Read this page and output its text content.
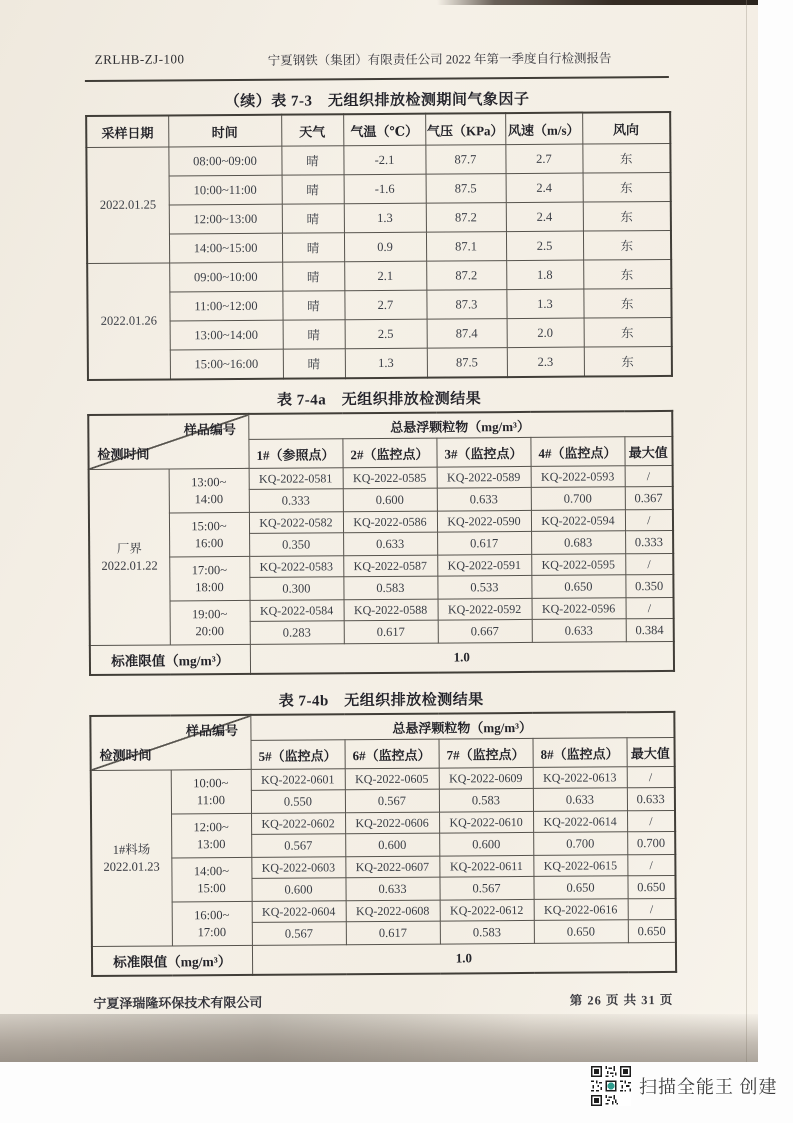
ZRLHB-ZJ-100	宁夏钢铁（集团）有限责任公司 2022 年第一季度自行检测报告
（续）表 7-3　无组织排放检测期间气象因子
采样日期	时间	天气	气温（℃）	气压（KPa）	风速（m/s）	风向
2022.01.25	08:00~09:00	晴	-2.1	87.7	2.7	东
	10:00~11:00	晴	-1.6	87.5	2.4	东
	12:00~13:00	晴	1.3	87.2	2.4	东
	14:00~15:00	晴	0.9	87.1	2.5	东
2022.01.26	09:00~10:00	晴	2.1	87.2	1.8	东
	11:00~12:00	晴	2.7	87.3	1.3	东
	13:00~14:00	晴	2.5	87.4	2.0	东
	15:00~16:00	晴	1.3	87.5	2.3	东
表 7-4a　无组织排放检测结果
样品编号
检测时间		总悬浮颗粒物（mg/m³）				
		1#（参照点）	2#（监控点）	3#（监控点）	4#（监控点）	最大值
厂界
2022.01.22	13:00~
14:00	KQ-2022-0581	KQ-2022-0585	KQ-2022-0589	KQ-2022-0593	/
		0.333	0.600	0.633	0.700	0.367
	15:00~
16:00	KQ-2022-0582	KQ-2022-0586	KQ-2022-0590	KQ-2022-0594	/
		0.350	0.633	0.617	0.683	0.333
	17:00~
18:00	KQ-2022-0583	KQ-2022-0587	KQ-2022-0591	KQ-2022-0595	/
		0.300	0.583	0.533	0.650	0.350
	19:00~
20:00	KQ-2022-0584	KQ-2022-0588	KQ-2022-0592	KQ-2022-0596	/
		0.283	0.617	0.667	0.633	0.384
标准限值（mg/m³）		1.0				
表 7-4b　无组织排放检测结果
样品编号
检测时间		总悬浮颗粒物（mg/m³）				
		5#（监控点）	6#（监控点）	7#（监控点）	8#（监控点）	最大值
1#料场
2022.01.23	10:00~
11:00	KQ-2022-0601	KQ-2022-0605	KQ-2022-0609	KQ-2022-0613	/
		0.550	0.567	0.583	0.633	0.633
	12:00~
13:00	KQ-2022-0602	KQ-2022-0606	KQ-2022-0610	KQ-2022-0614	/
		0.567	0.600	0.600	0.700	0.700
	14:00~
15:00	KQ-2022-0603	KQ-2022-0607	KQ-2022-0611	KQ-2022-0615	/
		0.600	0.633	0.567	0.650	0.650
	16:00~
17:00	KQ-2022-0604	KQ-2022-0608	KQ-2022-0612	KQ-2022-0616	/
		0.567	0.617	0.583	0.650	0.650
标准限值（mg/m³）		1.0				
宁夏泽瑞隆环保技术有限公司	第 26 页 共 31 页
扫描全能王 创建
